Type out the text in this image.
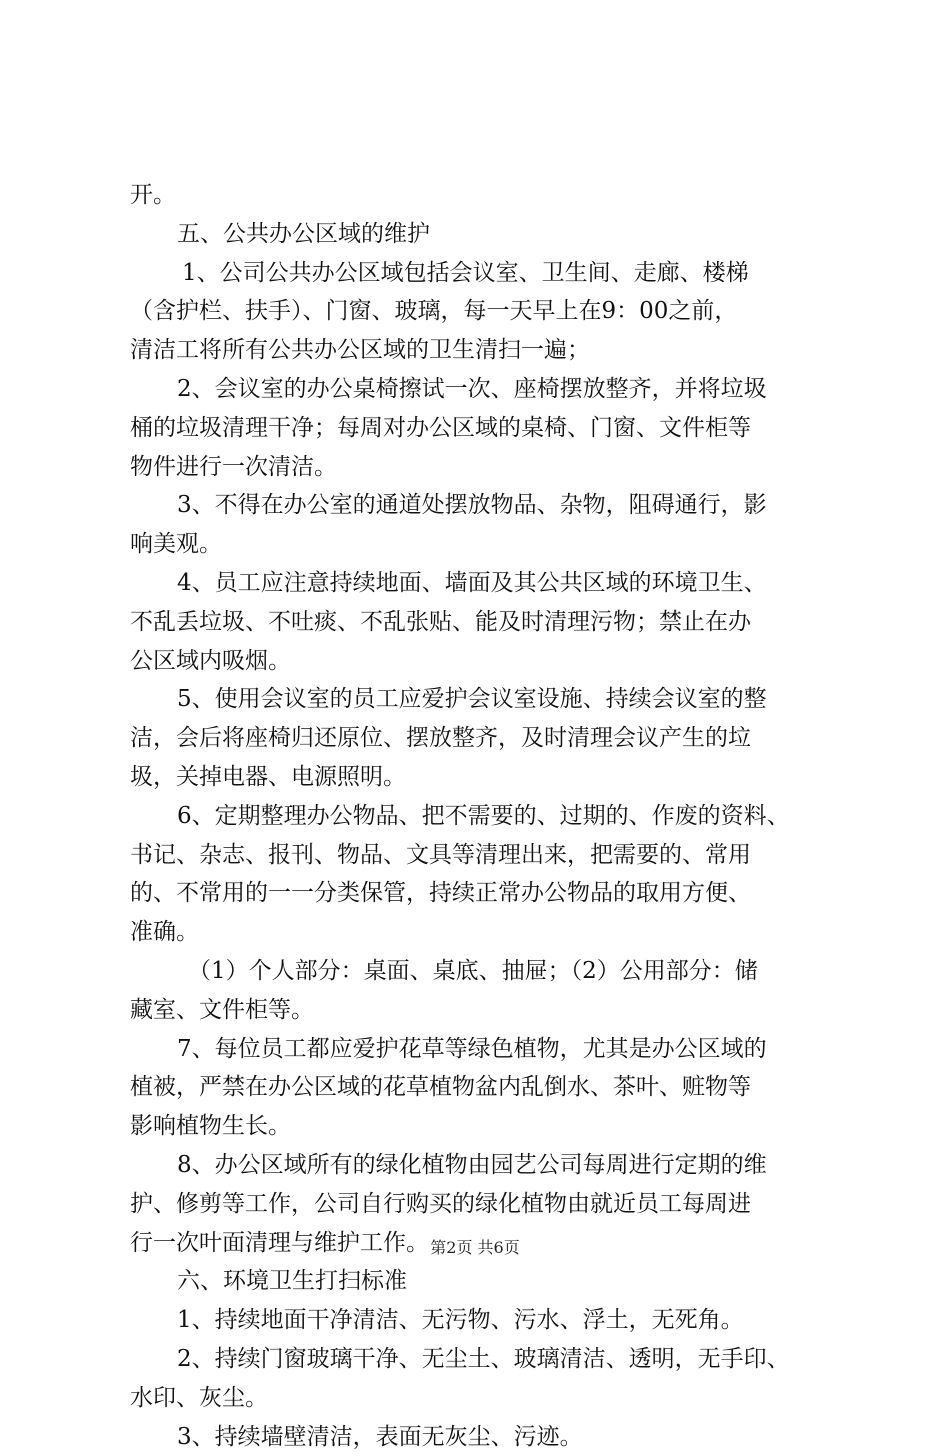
开。
五、公共办公区域的维护
1、公司公共办公区域包括会议室、卫生间、走廊、楼梯
（含护栏、扶手）、门窗、玻璃，每一天早上在9：00之前，
清洁工将所有公共办公区域的卫生清扫一遍；
2、会议室的办公桌椅擦试一次、座椅摆放整齐，并将垃圾
桶的垃圾清理干净；每周对办公区域的桌椅、门窗、文件柜等
物件进行一次清洁。
3、不得在办公室的通道处摆放物品、杂物，阻碍通行，影
响美观。
4、员工应注意持续地面、墙面及其公共区域的环境卫生、
不乱丢垃圾、不吐痰、不乱张贴、能及时清理污物；禁止在办
公区域内吸烟。
5、使用会议室的员工应爱护会议室设施、持续会议室的整
洁，会后将座椅归还原位、摆放整齐，及时清理会议产生的垃
圾，关掉电器、电源照明。
6、定期整理办公物品、把不需要的、过期的、作废的资料、
书记、杂志、报刊、物品、文具等清理出来，把需要的、常用
的、不常用的一一分类保管，持续正常办公物品的取用方便、
准确。
（1）个人部分：桌面、桌底、抽屉；（2）公用部分：储
藏室、文件柜等。
7、每位员工都应爱护花草等绿色植物，尤其是办公区域的
植被，严禁在办公区域的花草植物盆内乱倒水、茶叶、赃物等
影响植物生长。
8、办公区域所有的绿化植物由园艺公司每周进行定期的维
护、修剪等工作，公司自行购买的绿化植物由就近员工每周进
行一次叶面清理与维护工作。
六、环境卫生打扫标准
1、持续地面干净清洁、无污物、污水、浮土，无死角。
2、持续门窗玻璃干净、无尘土、玻璃清洁、透明，无手印、
水印、灰尘。
3、持续墙壁清洁，表面无灰尘、污迹。
第2页 共6页
